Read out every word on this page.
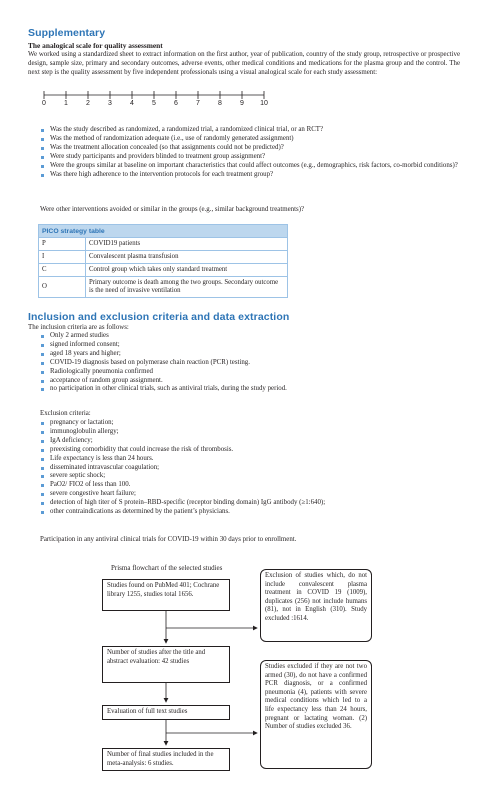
Supplementary
The analogical scale for quality assessment
We worked using a standardized sheet to extract information on the first author, year of publication, country of the study group, retrospective or prospective design, sample size, primary and secondary outcomes, adverse events, other medical conditions and medications for the plasma group and the control. The next step is the quality assessment by five independent professionals using a visual analogical scale for each study assessment:
0	1	2	3	4	5	6	7	8	9	10
Was the study described as randomized, a randomized trial, a randomized clinical trial, or an RCT?
Was the method of randomization adequate (i.e., use of randomly generated assignment)
Was the treatment allocation concealed (so that assignments could not be predicted)?
Were study participants and providers blinded to treatment group assignment?
Were the groups similar at baseline on important characteristics that could affect outcomes (e.g., demographics, risk factors, co-morbid conditions)?
Was there high adherence to the intervention protocols for each treatment group?
Were other interventions avoided or similar in the groups (e.g., similar background treatments)?
PICO strategy table	
P	COVID19 patients
I	Convalescent plasma transfusion
C	Control group which takes only standard treatment
O	Primary outcome is death among the two groups. Secondary outcome is the need of invasive ventilation
Inclusion and exclusion criteria and data extraction
The inclusion criteria are as follows:
Only 2 armed studies
signed informed consent;
aged 18 years and higher;
COVID-19 diagnosis based on polymerase chain reaction (PCR) testing.
Radiologically pneumonia confirmed
acceptance of random group assignment.
no participation in other clinical trials, such as antiviral trials, during the study period.
Exclusion criteria:
pregnancy or lactation;
immunoglobulin allergy;
IgA deficiency;
preexisting comorbidity that could increase the risk of thrombosis.
Life expectancy is less than 24 hours.
disseminated intravascular coagulation;
severe septic shock;
PaO2/ FIO2 of less than 100.
severe congestive heart failure;
detection of high titer of S protein–RBD-specific (receptor binding domain) IgG antibody (≥1:640);
other contraindications as determined by the patient’s physicians.
Participation in any antiviral clinical trials for COVID-19 within 30 days prior to enrollment.
Prisma flowchart of the selected studies
Studies found on PubMed 401; Cochrane library 1255, studies total 1656.
Exclusion of studies which, do not include convalescent plasma treatment in COVID 19 (1009), duplicates (256) not include humans (81), not in English (310). Study excluded :1614.
Number of studies after the title and abstract evaluation: 42 studies
Studies excluded if they are not two armed (30), do not have a confirmed PCR diagnosis, or a confirmed pneumonia (4), patients with severe medical conditions which led to a life expectancy less than 24 hours, pregnant or lactating woman. (2) Number of studies excluded 36.
Evaluation of full text studies
Number of final studies included in the meta-analysis: 6 studies.
